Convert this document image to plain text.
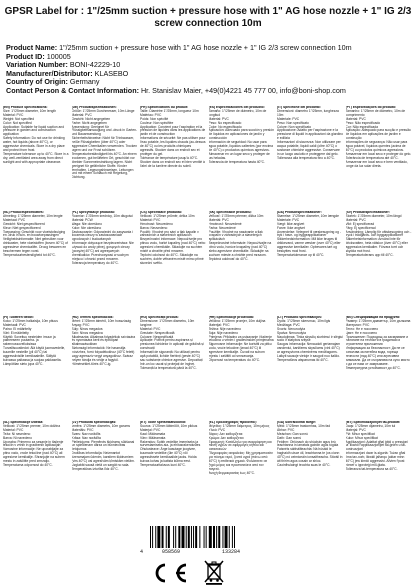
GPSR Label for : 1"/25mm suction + pressure hose with 1" AG hose nozzle + 1" IG 2/3 screw connection 10m
Product Name: 1"/25mm suction + pressure hose with 1" AG hose nozzle + 1" IG 2/3 screw connection 10m
Product ID: 100005
Variation Number: BONI-42229-10
Manufacturer/Distributor: KLASEBO
Country of Origin: Germany
Contact Person & Contact Information: Hr. Stanislav Maier, +49(0)4221 45 777 00, info@boni-shop.com
(EN) Product Specifications:
Size: 1"/25mm diameter, 10m length
Material: PVC
Weight: Not specified
Color: Not specified
Application: Suitable for liquid suction and pressure in garden and construction application
Safety Information: Do not use for drinking water, hot liquids (above 40°C), or aggressive chemicals. Store in a dry place and protect from frost.
Temperature tolerance up to 40°C. Store in a dry, well-ventilated area away from direct sunlight and with appropriate clearance.
(DE) Produktspezifikationen:
Größe: 1"/25mm Durchmesser, 10m Länge
Material: PVC
Gewicht: Nicht angegeben
Farbe: Nicht angegeben
Anwendung: Geeignet für Flüssigkeitsansaugung und -druck in Garten- und Bauanwendung
Sicherheitshinweise: Nicht für Trinkwasser, heiße Flüssigkeiten (über 40°C) oder aggressive Chemikalien verwenden. Trocken lagern und vor Frost schützen.
Temperaturbeständigkeit bis 40°C. An einem trockenen, gut belüfteten Ort, geschützt vor direkter Sonneneinstrahlung lagern. Nicht geeignet für gefährliche Stoffe. Kinder fernhalten, Legeungshinweisen, Leitungen und mit einem Schlauch mit Regelung, Dichtung.
(FR) Spécifications du produit:
Taille: Diamètre 1"/25mm, longueur 10m
Matériau: PVC
Poids: Non spécifié
Couleur: Non spécifiée
Application: Convient pour l'aspiration et la pression de liquides dans les applications de jardin et de construction
Informations de sécurité: Ne pas utiliser pour l'eau potable, les liquides chauds (au-dessus de 40°C) ou les produits chimiques agressifs. Stocker dans un endroit sec et protéger du gel.
Tolérance de température jusqu'à 40°C. Stocker dans un endroit sec et bien ventilé à l'abri de la lumière directe du soleil.
(ES) Especificaciones del producto:
Tamaño: 1"/25mm de diámetro, 10m de longitud
Material: PVC
Peso: No especificado
Color: No especificado
Aplicación: Adecuado para succión y presión de líquidos en aplicaciones de jardín y construcción
Información de seguridad: No usar para agua potable, líquidos calientes (por encima de 40°C) o productos químicos agresivos. Almacenar en un lugar seco y proteger de las heladas.
Tolerancia de temperatura hasta 40°C.
(IT) Specifiche del prodotto:
Dimensioni: diametro 1"/25mm, lunghezza 10m
Materiale: PVC
Peso: Non specificato
Colore: Non specificato
Applicazione: Adatto per l'aspirazione e la pressione di liquidi in applicazioni da giardino e edilizia
Informazioni di sicurezza: Non utilizzare per acqua potabile, liquidi caldi (oltre 40°C) o sostanze chimiche aggressive. Conservare in un luogo asciutto e proteggere dal gelo.
Tolleranza alla temperatura fino a 40°C.
(PT) Especificações do produto:
Tamanho: 1"/25mm de diâmetro, 10m de comprimento
Material: PVC
Peso: Não especificado
Cor: Não especificada
Aplicação: Adequado para sucção e pressão de líquidos em aplicações de jardim e construção
Informações de segurança: Não usar para água potável, líquidos quentes (acima de 40°C) ou produtos químicos agressivos. Armazenar em local seco e proteger do gelo.
Tolerância de temperatura até 40°C. Armazenar em local seco e bem ventilado, longe da luz solar direta.
(NL) Productspecificaties:
Afmeting: 1"/25mm diameter, 10m lengte
Materiaal: PVC
Gewicht: Niet gespecificeerd
Kleur: Niet gespecificeerd
Toepassing: Geschikt voor vloeistofzuiging en -druk in tuin- en bouwtoepassingen
Veiligheidsinformatie: Niet gebruiken voor drinkwater, hete vloeistoffen (boven 40°C) of agressieve chemicaliën. Droog bewaren en beschermen tegen vorst.
Temperatuurbestendigheid tot 40°C.
(PL) Specyfikacje produktu:
Rozmiar: 1"/25mm średnicy, 10m długości
Materiał: PCW
Waga: Nie określono
Kolor: Nie określono
Zastosowanie: Odpowiedni do zasysania i tłoczenia cieczy w zastosowaniach ogrodowych i budowlanych
Informacje dotyczące bezpieczeństwa: Nie używać do wody pitnej, gorących cieczy (powyżej 40°C) ani agresywnych chemikaliów. Przechowywać w suchym miejscu i chronić przed mrozem.
Tolerancja temperatury do 40°C.
(CS) Specifikace produktu:
Velikost: 1"/25mm průměr, délka 10m
Materiál: PVC
Hmotnost: Neuvedeno
Barva: Neuvedeno
Použití: Vhodné pro sání a tlak kapalin v zahradních a stavebních aplikacích
Bezpečnostní informace: Nepoužívejte pro pitnou vodu, horké kapaliny (nad 40°C) nebo agresivní chemikálie. Skladujte na suchém místě a chraňte před mrazem.
Teplotní odolnost do 40°C. Skladujte na suchém, dobře větraném místě mimo přímé sluneční světlo.
(SK) Špecifikácie produktu:
Veľkosť: 1"/25mm priemer, dĺžka 10m
Materiál: PVC
Hmotnosť: Neuvedené
Farba: Neuvedené
Použitie: Vhodné na nasávanie a tlak kvapalín v záhradných a stavebných aplikáciách
Bezpečnostné informácie: Nepoužívajte na pitnú vodu, horúce kvapaliny (nad 40°C) alebo agresívne chemikálie. Skladujte na suchom mieste a chráňte pred mrazom.
Teplotná odolnosť do 40°C.
(DA) Produktspecifikationer:
Størrelse: 1"/25mm diameter, 10m længde
Materiale: PVC
Vægt: Ikke angivet
Farve: Ikke angivet
Anvendelse: Velegnet til væskesugning og -tryk i have- og byggeapplikationer
Sikkerhedsinformation: Må ikke bruges til drikkevand, varme væsker (over 40°C) eller aggressive kemikalier. Opbevares tørt og beskyttes mod frost.
Temperaturtolerance op til 40°C.
(SV) Produktspecifikationer:
Storlek: 1"/25mm diameter, 10m längd
Material: PVC
Vikt: Ej specificerad
Färg: Ej specificerad
Användning: Lämplig för vätskesugning och -tryck i trädgårds- och byggapplikationer
Säkerhetsinformation: Använd inte för dricksvatten, heta vätskor (över 40°C) eller aggressiva kemikalier. Förvara torrt och skydda mot frost.
Temperaturtolerans upp till 40°C.
(FI) Tuotteen tiedot:
Koko: 1"/25mm halkaisija, 10m pituus
Materiaali: PVC
Paino: Ei määritelty
Väri: Ei määritelty
Käyttö: Soveltuu nesteiden imuun ja paineeseen puutarha- ja rakennussovelluksissa
Turvallisuustiedot: Älä käytä juomavedelle, kuumille nesteille (yli 40°C) tai aggressiivisille kemikaaleille. Säilytä kuivassa paikassa ja suojaa pakkaselta.
Lämpötilan sieto jopa 40°C.
(HU) Termék specifikációk:
Méret: 1"/25mm átmérő, 10m hosszúság
Anyag: PVC
Súly: Nincs megadva
Szín: Nincs megadva
Alkalmazás: Alkalmas folyadékok szívására és nyomására kerti és építőipari alkalmazásokban
Biztonsági információk: Ne használja ivóvízhez, forró folyadékokhoz (40°C felett) vagy agresszív vegyi anyagokhoz. Száraz helyen tárolja és védje a fagytól.
Hőmérséklet-tűrés 40°C-ig.
(RO) Specificații produs:
Dimensiune: 1"/25mm diametru, 10m lungime
Material: PVC
Greutate: Nespecificată
Culoare: Nespecificată
Aplicație: Potrivit pentru aspirarea și presiunea lichidelor în aplicații de grădină și construcții
Informații de siguranță: Nu utilizați pentru apă potabilă, lichide fierbinți (peste 40°C) sau substanțe chimice agresive. Depozitați într-un loc uscat și protejați de îngheț.
Toleranță la temperatură până la 40°C.
(HR) Specifikacije proizvoda:
Veličina: 1"/25mm promjer, 10m duljina
Materijal: PVC
Težina: Nije navedeno
Boja: Nije navedeno
Primjena: Prikladno za usisavanje i tlačenje tekućina u vrtnim i građevinskim primjenama
Sigurnosne informacije: Ne koristiti za pitku vodu, vruće tekućine (iznad 40°C) ili agresivne kemikalije. Čuvati na suhom mjestu i zaštititi od smrzavanja.
Otpornost na temperaturu do 40°C.
(LT) Produkto specifikacijos:
Dydis: 1"/25mm skersmuo, 10m ilgis
Medžiaga: PVC
Svoris: Nenurodyta
Spalva: Nenurodyta
Naudojimas: Tinka skysčių siurbimui ir slėgiui sodo ir statybos srityse
Saugos informacija: Nenaudoti geriamajam vandeniui, karštiems skysčiams (virš 40°C) ar agresyvioms cheminėms medžiagoms. Laikyti sausoje vietoje ir saugoti nuo šalčio.
Temperatūros atsparumas iki 40°C.
(BG) Спецификации на продукта:
Размер: 1"/25mm диаметър, 10m дължина
Материал: PVC
Тегло: Не е посочено
Цвят: Не е посочено
Приложение: Подходящ за засмукване и налягане на течности в градински и строителни приложения
Информация за безопасност: Да не се използва за питейна вода, горещи течности (над 40°C) или агресивни химикали. Да се съхранява на сухо място и да се пази от замръзване.
Температурна устойчивост до 40°C.
(SL) Specifikacije izdelka:
Velikost: 1"/25mm premer, 10m dolžina
Material: PVC
Teža: Ni navedeno
Barva: Ni navedeno
Uporaba: Primerno za sesanje in tlačenje tekočin v vrtnih in gradbenih aplikacijah
Varnostne informacije: Ne uporabljajte za pitno vodo, vroče tekočine (nad 40°C) ali agresivne kemikalije. Shranjujte na suhem mestu in zaščitite pred zmrzaljo.
Temperaturna odpornost do 40°C.
(LV) Produkta specifikācijas:
Izmērs: 1"/25mm diametrs, 10m garums
Materiāls: PVC
Svars: Nav norādīts
Krāsa: Nav norādīta
Pielietojums: Piemērots šķidrumu sūkšanai un spiedienam dārza un būvniecības lietojumos
Drošības informācija: Neizmantot dzeramajam ūdenim, karstiem šķidrumiem (virs 40°C) vai agresīvām ķīmiskām vielām. Uzglabāt sausā vietā un sargāt no sala.
Temperatūras izturība līdz 40°C.
(ET) Toote spetsifikatsioonid:
Suurus: 1"/25mm läbimõõt, 10m pikkus
Materjal: PVC
Kaal: Määramata
Värv: Määramata
Rakendus: Sobib vedelike imemiseks ja survestamiseks aia- ja ehitusrakendustes
Ohutusteave: Ärge kasutage joogivee, kuumade vedelike (üle 40°C) või agressiivsete kemikaalide jaoks. Hoida kuivas kohas ja kaitsta külma eest.
Temperatuuritaluvus kuni 40°C.
(EL) Προδιαγραφές προϊόντος:
Μέγεθος: 1"/25mm διάμετρος, 10m μήκος
Υλικό: PVC
Βάρος: Δεν καθορίζεται
Χρώμα: Δεν καθορίζεται
Εφαρμογή: Κατάλληλο για αναρρόφηση και πίεση υγρών σε εφαρμογές κήπου και κατασκευών
Πληροφορίες ασφαλείας: Μη χρησιμοποιείτε για πόσιμο νερό, ζεστά υγρά (πάνω από 40°C) ή επιθετικά χημικά. Φυλάσσετε σε ξηρό μέρος και προστατεύετε από τον παγετό.
Ανοχή θερμοκρασίας έως 40°C.
(GA) Sonraíochtaí táirge:
Méid: 1"/25mm trastomhas, 10m fad
Ábhar: PVC
Meáchan: Gan sonrú
Dath: Gan sonrú
Feidhm: Oiriúnach do shúchán agus brú leachtanna in iarratais gairdín agus tógála
Faisnéis sábháilteachta: Ná húsáid le haghaidh uisce óil, leachtanna te (os cionn 40°C) nó ceimiceáin ionsaitheacha. Stóráil in áit thirim agus cosain ar shioc.
Caoinfhulaingt teochta suas le 40°C.
(MT) Speċifikazzjonijiet tal-prodott:
Daqs: 1"/25mm dijametru, 10m tul
Materjal: PVC
Piż: Mhux speċifikat
Kulur: Mhux speċifikat
Applikazzjoni: Adattat għal ġbid u pressjoni ta' likwidi f'applikazzjonijiet tal-ġnien u tal-kostruzzjoni
Informazzjoni dwar is-sigurtà: Tużax għal ilma tax-xorb, likwidi jaħarqu (aktar minn 40°C) jew kimiċi aggressivi. Aħżen f'post niexef u ipproteġi mill-ġlata.
Tolleranza tat-temperatura sa 40°C.
4	058569	133284
